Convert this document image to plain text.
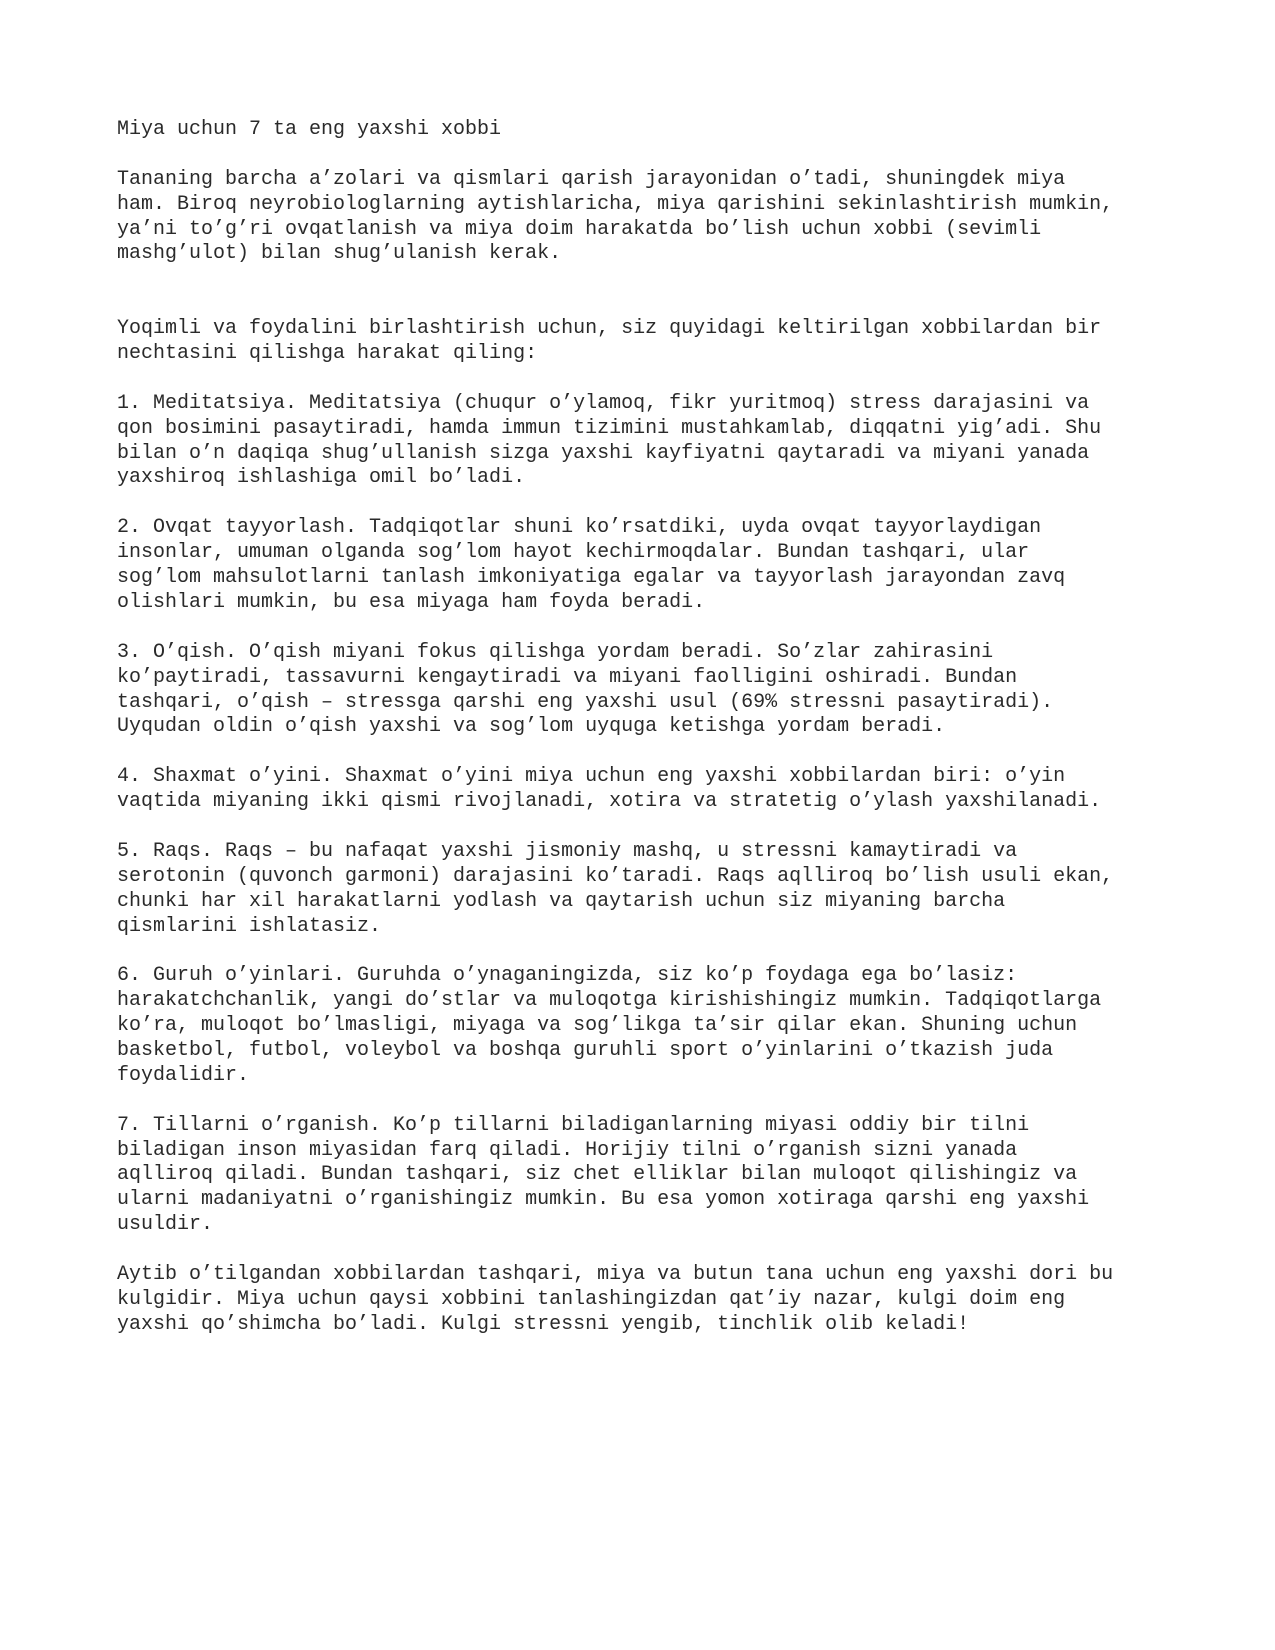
Miya uchun 7 ta eng yaxshi xobbi
Tananing barcha a’zolari va qismlari qarish jarayonidan o’tadi, shuningdek miya
ham. Biroq neyrobiologlarning aytishlaricha, miya qarishini sekinlashtirish mumkin,
ya’ni to’g’ri ovqatlanish va miya doim harakatda bo’lish uchun xobbi (sevimli
mashg’ulot) bilan shug’ulanish kerak.
Yoqimli va foydalini birlashtirish uchun, siz quyidagi keltirilgan xobbilardan bir
nechtasini qilishga harakat qiling:
1. Meditatsiya. Meditatsiya (chuqur o’ylamoq, fikr yuritmoq) stress darajasini va
qon bosimini pasaytiradi, hamda immun tizimini mustahkamlab, diqqatni yig’adi. Shu
bilan o’n daqiqa shug’ullanish sizga yaxshi kayfiyatni qaytaradi va miyani yanada
yaxshiroq ishlashiga omil bo’ladi.
2. Ovqat tayyorlash. Tadqiqotlar shuni ko’rsatdiki, uyda ovqat tayyorlaydigan
insonlar, umuman olganda sog’lom hayot kechirmoqdalar. Bundan tashqari, ular
sog’lom mahsulotlarni tanlash imkoniyatiga egalar va tayyorlash jarayondan zavq
olishlari mumkin, bu esa miyaga ham foyda beradi.
3. O’qish. O’qish miyani fokus qilishga yordam beradi. So’zlar zahirasini
ko’paytiradi, tassavurni kengaytiradi va miyani faolligini oshiradi. Bundan
tashqari, o’qish – stressga qarshi eng yaxshi usul (69% stressni pasaytiradi).
Uyqudan oldin o’qish yaxshi va sog’lom uyquga ketishga yordam beradi.
4. Shaxmat o’yini. Shaxmat o’yini miya uchun eng yaxshi xobbilardan biri: o’yin
vaqtida miyaning ikki qismi rivojlanadi, xotira va stratetig o’ylash yaxshilanadi.
5. Raqs. Raqs – bu nafaqat yaxshi jismoniy mashq, u stressni kamaytiradi va
serotonin (quvonch garmoni) darajasini ko’taradi. Raqs aqlliroq bo’lish usuli ekan,
chunki har xil harakatlarni yodlash va qaytarish uchun siz miyaning barcha
qismlarini ishlatasiz.
6. Guruh o’yinlari. Guruhda o’ynaganingizda, siz ko’p foydaga ega bo’lasiz:
harakatchchanlik, yangi do’stlar va muloqotga kirishishingiz mumkin. Tadqiqotlarga
ko’ra, muloqot bo’lmasligi, miyaga va sog’likga ta’sir qilar ekan. Shuning uchun
basketbol, futbol, voleybol va boshqa guruhli sport o’yinlarini o’tkazish juda
foydalidir.
7. Tillarni o’rganish. Ko’p tillarni biladiganlarning miyasi oddiy bir tilni
biladigan inson miyasidan farq qiladi. Horijiy tilni o’rganish sizni yanada
aqlliroq qiladi. Bundan tashqari, siz chet elliklar bilan muloqot qilishingiz va
ularni madaniyatni o’rganishingiz mumkin. Bu esa yomon xotiraga qarshi eng yaxshi
usuldir.
Aytib o’tilgandan xobbilardan tashqari, miya va butun tana uchun eng yaxshi dori bu
kulgidir. Miya uchun qaysi xobbini tanlashingizdan qat’iy nazar, kulgi doim eng
yaxshi qo’shimcha bo’ladi. Kulgi stressni yengib, tinchlik olib keladi!
